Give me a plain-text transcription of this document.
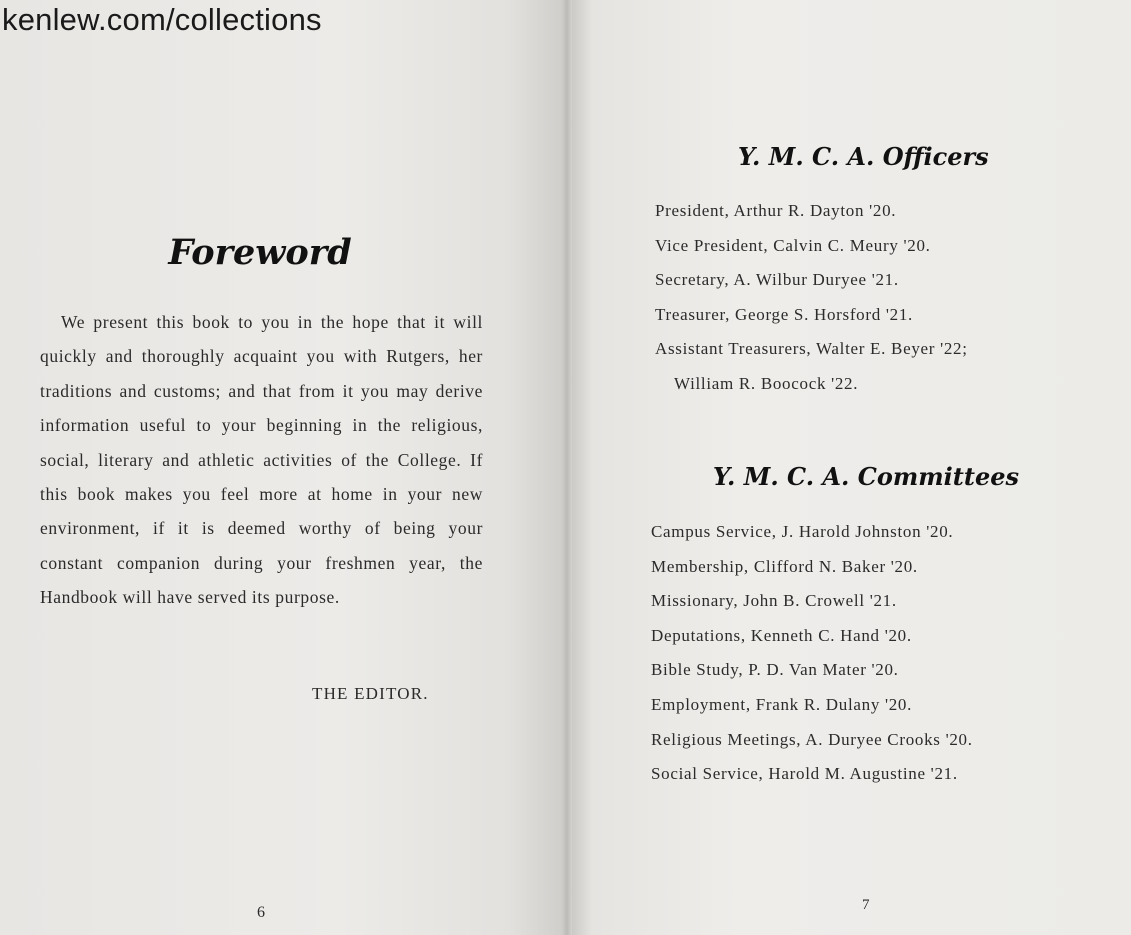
kenlew.com/collections
Foreword

We present this book to you in the hope that it will quickly and thoroughly acquaint you with Rutgers, her traditions and customs; and that from it you may derive information useful to your beginning in the religious, social, literary and athletic activities of the College. If this book makes you feel more at home in your new environment, if it is deemed worthy of being your constant companion during your freshmen year, the Handbook will have served its purpose.

THE EDITOR.
6
Y. M. C. A. Officers
President, Arthur R. Dayton '20.
Vice President, Calvin C. Meury '20.
Secretary, A. Wilbur Duryee '21.
Treasurer, George S. Horsford '21.
Assistant Treasurers, Walter E. Beyer '22;
William R. Boocock '22.
Y. M. C. A. Committees
Campus Service, J. Harold Johnston '20.
Membership, Clifford N. Baker '20.
Missionary, John B. Crowell '21.
Deputations, Kenneth C. Hand '20.
Bible Study, P. D. Van Mater '20.
Employment, Frank R. Dulany '20.
Religious Meetings, A. Duryee Crooks '20.
Social Service, Harold M. Augustine '21.
7
